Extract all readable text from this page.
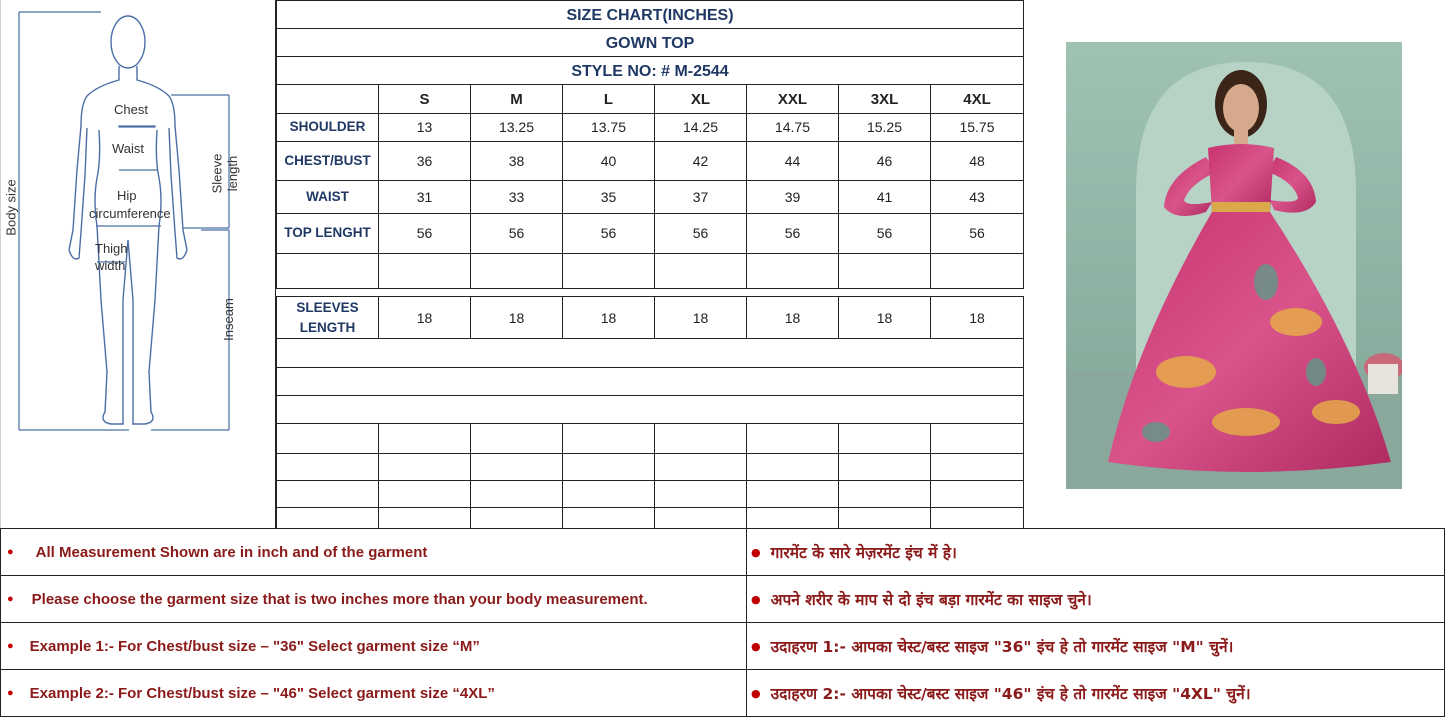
Chest
Waist
Hip
circumference
Thigh
width
Body size
Sleeve length
Inseam
SIZE CHART(INCHES)
GOWN TOP
STYLE NO: # M-2544
S	M	L	XL	XXL	3XL	4XL
SHOULDER	13	13.25	13.75	14.25	14.75	15.25	15.75
CHEST/BUST	36	38	40	42	44	46	48
WAIST	31	33	35	37	39	41	43
TOP LENGHT	56	56	56	56	56	56	56
SLEEVES
LENGTH
18	18	18	18	18	18	18
●	All Measurement Shown are in inch and of the garment	● गारमेंट के सारे मेज़रमेंट इंच में हे।
● Please choose the garment size that is two inches more than your body measurement.	● अपने शरीर के माप से दो इंच बड़ा गारमेंट का साइज चुने।
● Example 1:- For Chest/bust size – "36" Select garment size “M”	● उदाहरण 1:- आपका चेस्ट/बस्ट साइज "36" इंच हे तो गारमेंट साइज "M" चुनें।
● Example 2:- For Chest/bust size – "46" Select garment size “4XL”	● उदाहरण 2:- आपका चेस्ट/बस्ट साइज "46" इंच हे तो गारमेंट साइज "4XL" चुनें।
